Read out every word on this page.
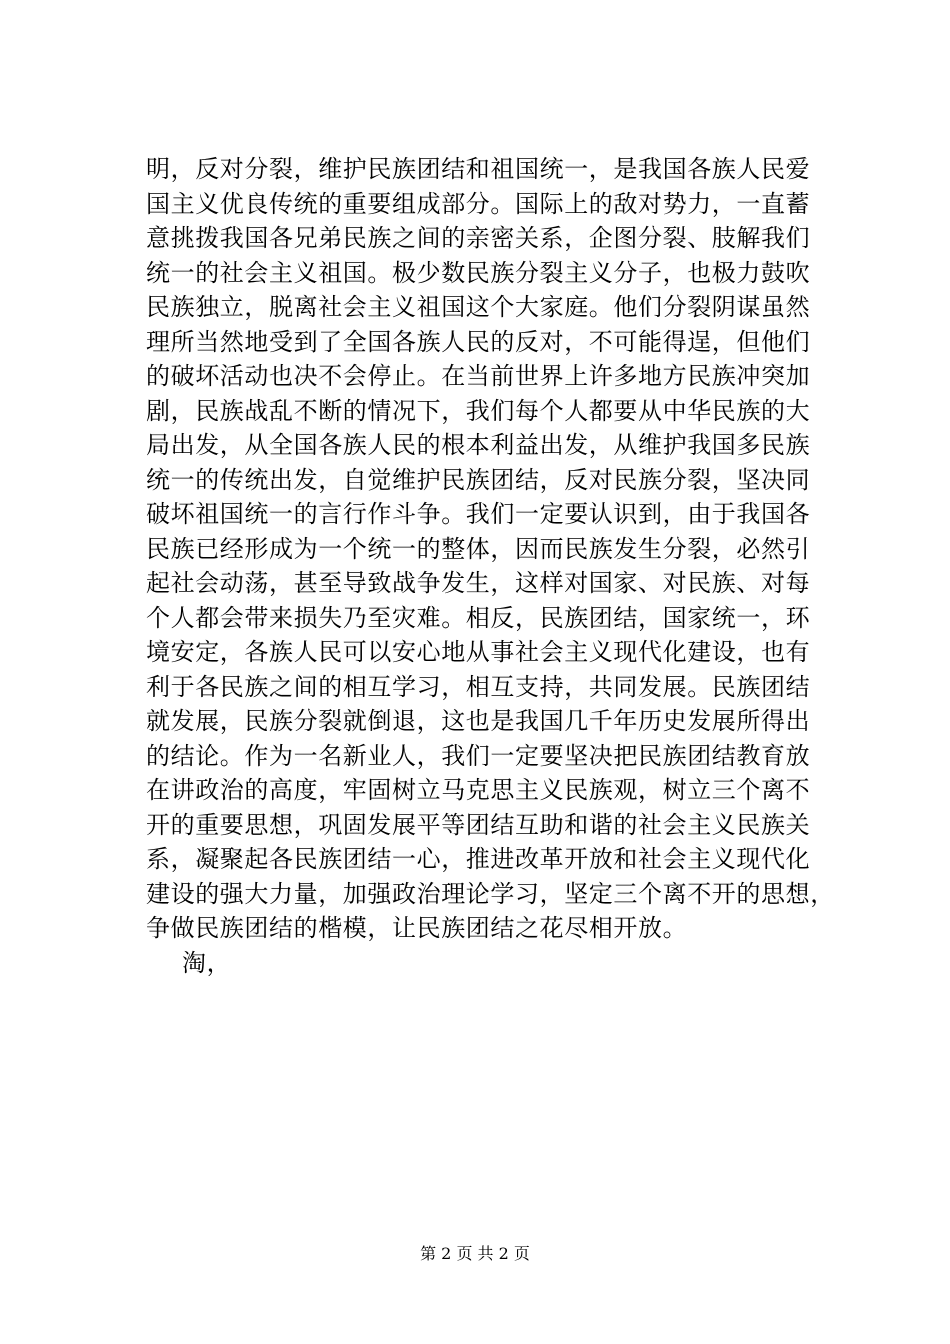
明，反对分裂，维护民族团结和祖国统一，是我国各族人民爱
国主义优良传统的重要组成部分。国际上的敌对势力，一直蓄
意挑拨我国各兄弟民族之间的亲密关系，企图分裂、肢解我们
统一的社会主义祖国。极少数民族分裂主义分子，也极力鼓吹
民族独立，脱离社会主义祖国这个大家庭。他们分裂阴谋虽然
理所当然地受到了全国各族人民的反对，不可能得逞，但他们
的破坏活动也决不会停止。在当前世界上许多地方民族冲突加
剧，民族战乱不断的情况下，我们每个人都要从中华民族的大
局出发，从全国各族人民的根本利益出发，从维护我国多民族
统一的传统出发，自觉维护民族团结，反对民族分裂，坚决同
破坏祖国统一的言行作斗争。我们一定要认识到，由于我国各
民族已经形成为一个统一的整体，因而民族发生分裂，必然引
起社会动荡，甚至导致战争发生，这样对国家、对民族、对每
个人都会带来损失乃至灾难。相反，民族团结，国家统一，环
境安定，各族人民可以安心地从事社会主义现代化建设，也有
利于各民族之间的相互学习，相互支持，共同发展。民族团结
就发展，民族分裂就倒退，这也是我国几千年历史发展所得出
的结论。作为一名新业人，我们一定要坚决把民族团结教育放
在讲政治的高度，牢固树立马克思主义民族观，树立三个离不
开的重要思想，巩固发展平等团结互助和谐的社会主义民族关
系，凝聚起各民族团结一心，推进改革开放和社会主义现代化
建设的强大力量，加强政治理论学习，坚定三个离不开的思想，
争做民族团结的楷模，让民族团结之花尽相开放。
淘，
第 2 页 共 2 页
